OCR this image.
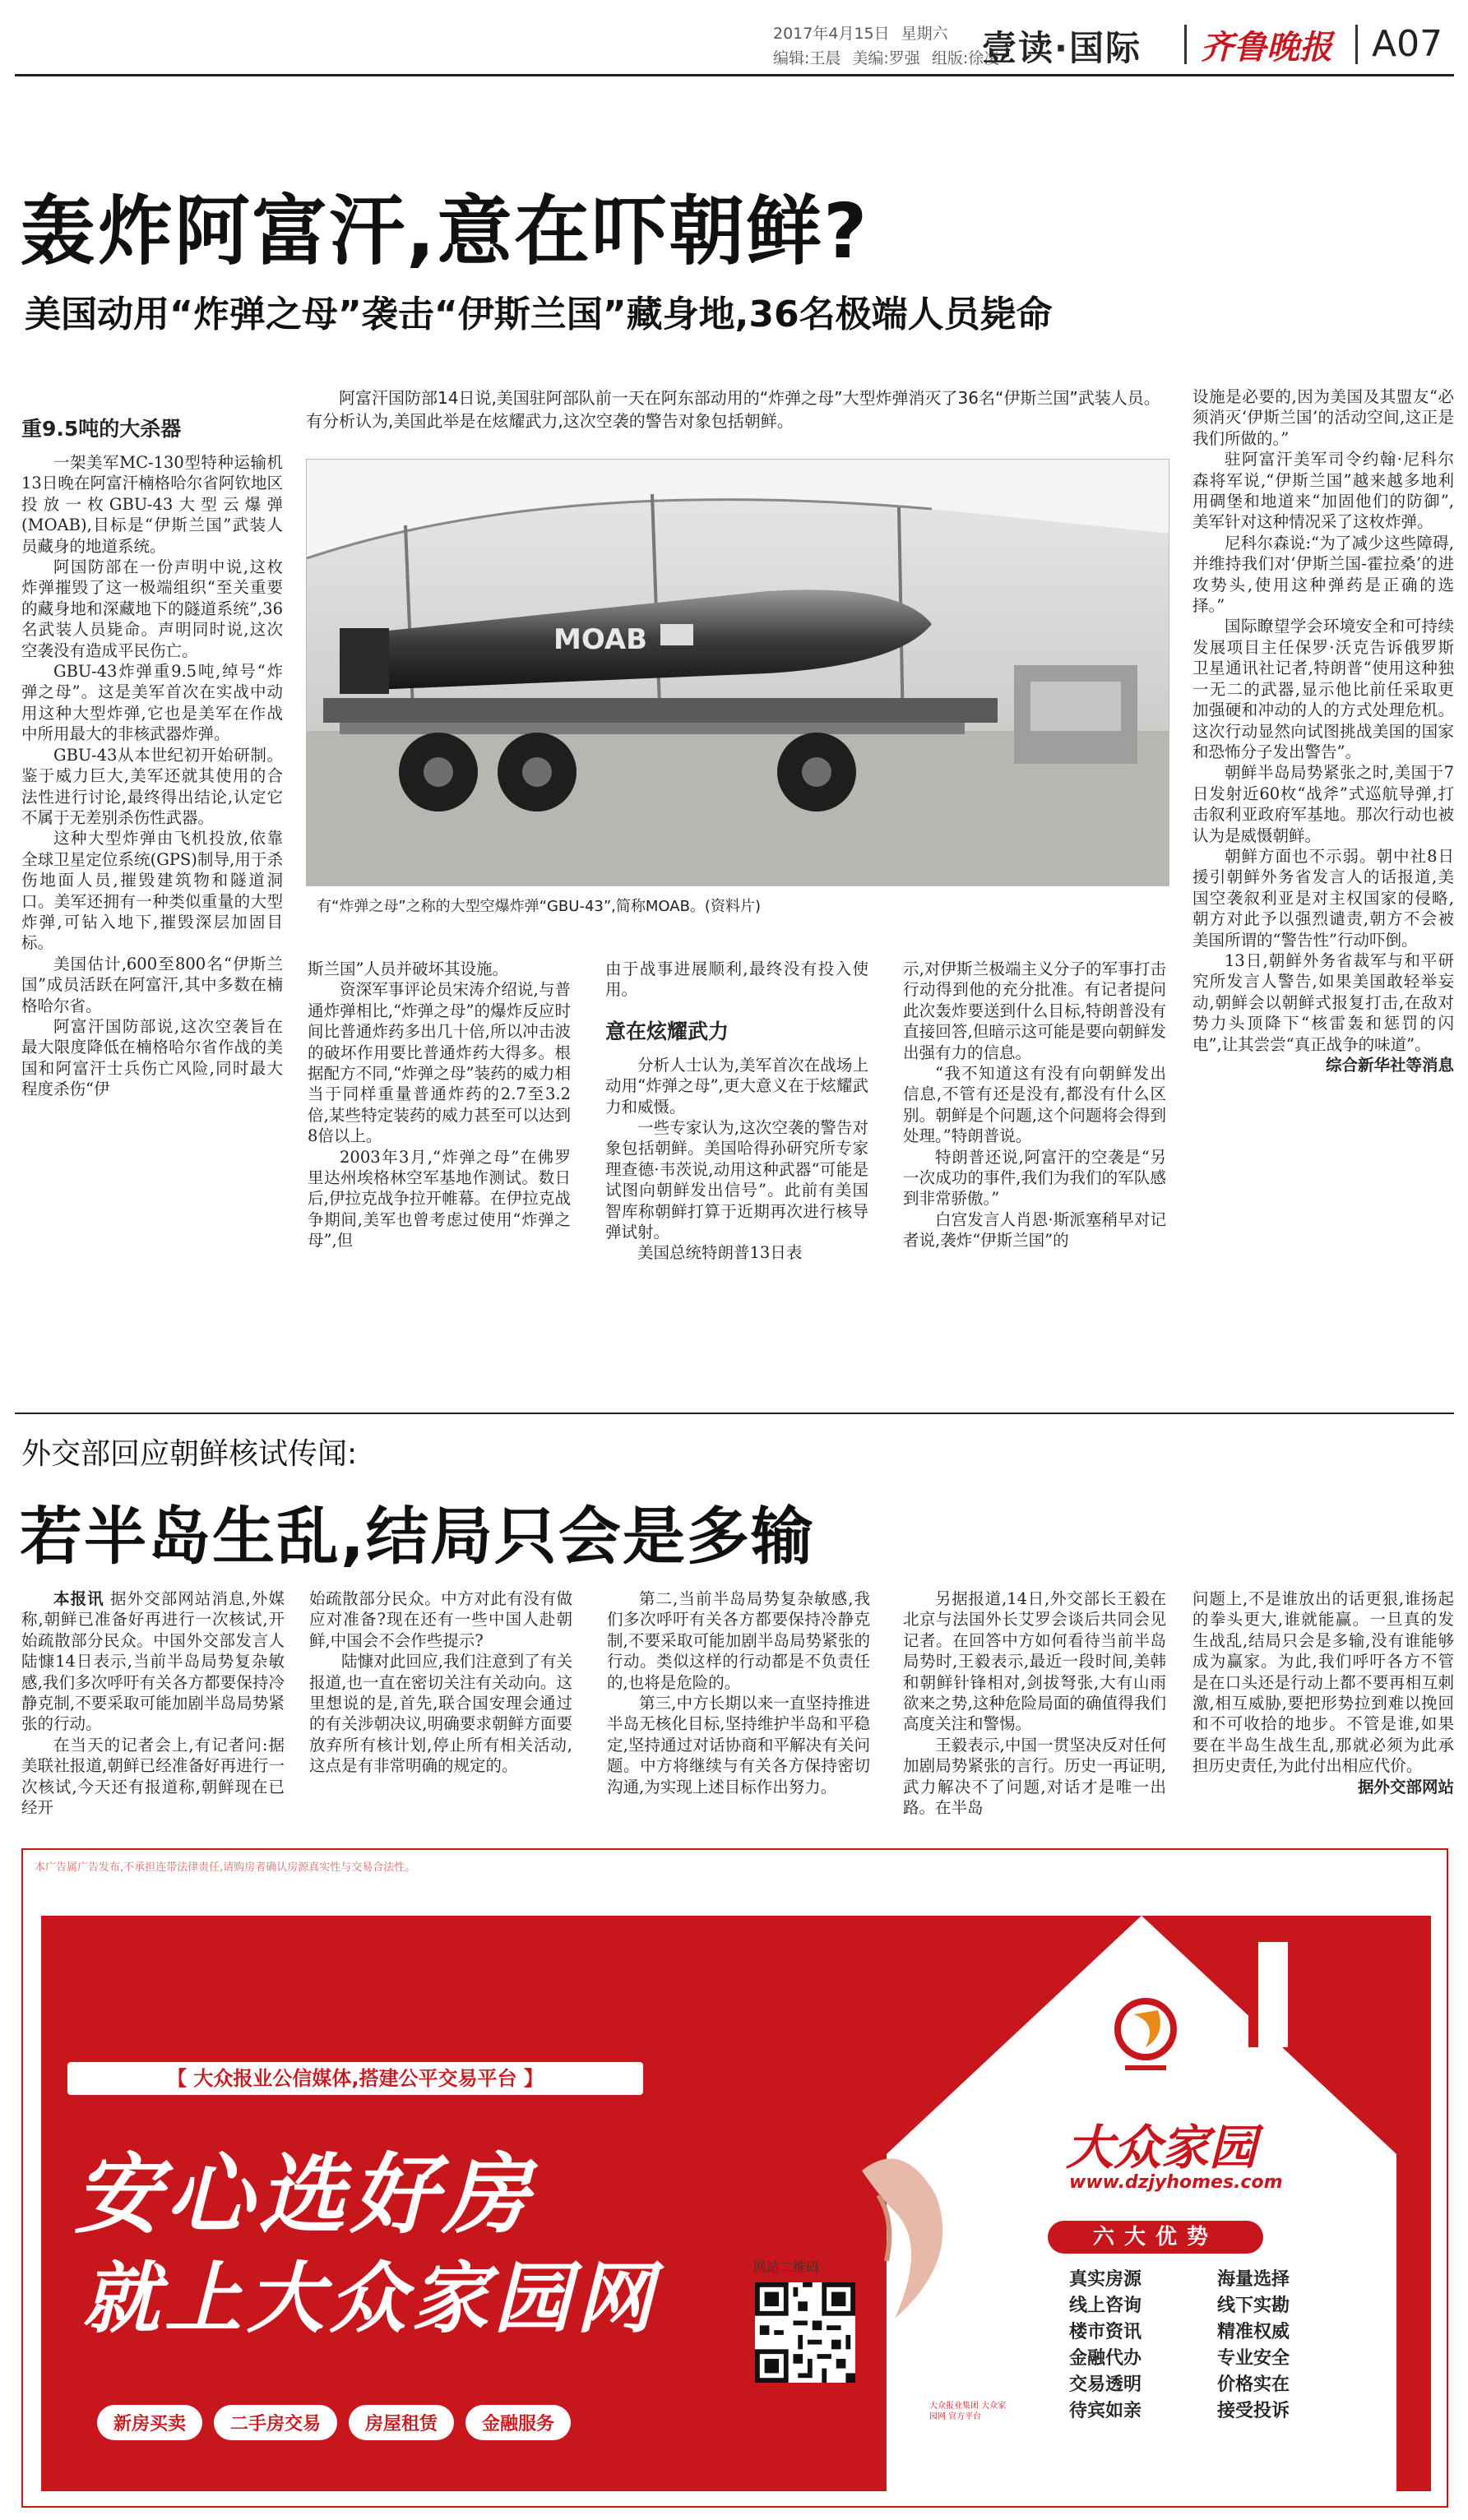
2017年4月15日 星期六
编辑:王晨 美编:罗强 组版:徐凌
壹读·国际 齐鲁晚报 A07
轰炸阿富汗,意在吓朝鲜?
美国动用“炸弹之母”袭击“伊斯兰国”藏身地,36名极端人员毙命
阿富汗国防部14日说,美国驻阿部队前一天在阿东部动用的“炸弹之母”大型炸弹消灭了36名“伊斯兰国”武装人员。有分析认为,美国此举是在炫耀武力,这次空袭的警告对象包括朝鲜。
MOAB
有“炸弹之母”之称的大型空爆炸弹“GBU-43”,简称MOAB。(资料片)
重9.5吨的大杀器

一架美军MC-130型特种运输机13日晚在阿富汗楠格哈尔省阿钦地区投放一枚GBU-43大型云爆弹(MOAB),目标是“伊斯兰国”武装人员藏身的地道系统。

阿国防部在一份声明中说,这枚炸弹摧毁了这一极端组织“至关重要的藏身地和深藏地下的隧道系统”,36名武装人员毙命。声明同时说,这次空袭没有造成平民伤亡。

GBU-43炸弹重9.5吨,绰号“炸弹之母”。这是美军首次在实战中动用这种大型炸弹,它也是美军在作战中所用最大的非核武器炸弹。

GBU-43从本世纪初开始研制。鉴于威力巨大,美军还就其使用的合法性进行讨论,最终得出结论,认定它不属于无差别杀伤性武器。

这种大型炸弹由飞机投放,依靠全球卫星定位系统(GPS)制导,用于杀伤地面人员,摧毁建筑物和隧道洞口。美军还拥有一种类似重量的大型炸弹,可钻入地下,摧毁深层加固目标。

美国估计,600至800名“伊斯兰国”成员活跃在阿富汗,其中多数在楠格哈尔省。

阿富汗国防部说,这次空袭旨在最大限度降低在楠格哈尔省作战的美国和阿富汗士兵伤亡风险,同时最大程度杀伤“伊

斯兰国”人员并破坏其设施。

资深军事评论员宋涛介绍说,与普通炸弹相比,“炸弹之母”的爆炸反应时间比普通炸药多出几十倍,所以冲击波的破坏作用要比普通炸药大得多。根据配方不同,“炸弹之母”装药的威力相当于同样重量普通炸药的2.7至3.2倍,某些特定装药的威力甚至可以达到8倍以上。

2003年3月,“炸弹之母”在佛罗里达州埃格林空军基地作测试。数日后,伊拉克战争拉开帷幕。在伊拉克战争期间,美军也曾考虑过使用“炸弹之母”,但

由于战事进展顺利,最终没有投入使用。

意在炫耀武力

分析人士认为,美军首次在战场上动用“炸弹之母”,更大意义在于炫耀武力和威慑。

一些专家认为,这次空袭的警告对象包括朝鲜。美国哈得孙研究所专家理查德·韦茨说,动用这种武器“可能是试图向朝鲜发出信号”。此前有美国智库称朝鲜打算于近期再次进行核导弹试射。

美国总统特朗普13日表

示,对伊斯兰极端主义分子的军事打击行动得到他的充分批准。有记者提问此次轰炸要送到什么目标,特朗普没有直接回答,但暗示这可能是要向朝鲜发出强有力的信息。

“我不知道这有没有向朝鲜发出信息,不管有还是没有,都没有什么区别。朝鲜是个问题,这个问题将会得到处理。”特朗普说。

特朗普还说,阿富汗的空袭是“另一次成功的事件,我们为我们的军队感到非常骄傲。”

白宫发言人肖恩·斯派塞稍早对记者说,袭炸“伊斯兰国”的

设施是必要的,因为美国及其盟友“必须消灭‘伊斯兰国’的活动空间,这正是我们所做的。”

驻阿富汗美军司令约翰·尼科尔森将军说,“伊斯兰国”越来越多地利用碉堡和地道来“加固他们的防御”,美军针对这种情况采了这枚炸弹。

尼科尔森说:“为了减少这些障碍,并维持我们对‘伊斯兰国-霍拉桑’的进攻势头,使用这种弹药是正确的选择。”

国际瞭望学会环境安全和可持续发展项目主任保罗·沃克告诉俄罗斯卫星通讯社记者,特朗普“使用这种独一无二的武器,显示他比前任采取更加强硬和冲动的人的方式处理危机。这次行动显然向试图挑战美国的国家和恐怖分子发出警告”。

朝鲜半岛局势紧张之时,美国于7日发射近60枚“战斧”式巡航导弹,打击叙利亚政府军基地。那次行动也被认为是威慑朝鲜。

朝鲜方面也不示弱。朝中社8日援引朝鲜外务省发言人的话报道,美国空袭叙利亚是对主权国家的侵略,朝方对此予以强烈谴责,朝方不会被美国所谓的“警告性”行动吓倒。

13日,朝鲜外务省裁军与和平研究所发言人警告,如果美国敢轻举妄动,朝鲜会以朝鲜式报复打击,在敌对势力头顶降下“核雷轰和惩罚的闪电”,让其尝尝“真正战争的味道”。

综合新华社等消息

外交部回应朝鲜核试传闻:
若半岛生乱,结局只会是多输

本报讯 据外交部网站消息,外媒称,朝鲜已准备好再进行一次核试,开始疏散部分民众。中国外交部发言人陆慷14日表示,当前半岛局势复杂敏感,我们多次呼吁有关各方都要保持冷静克制,不要采取可能加剧半岛局势紧张的行动。

在当天的记者会上,有记者问:据美联社报道,朝鲜已经准备好再进行一次核试,今天还有报道称,朝鲜现在已经开

始疏散部分民众。中方对此有没有做应对准备?现在还有一些中国人赴朝鲜,中国会不会作些提示?

陆慷对此回应,我们注意到了有关报道,也一直在密切关注有关动向。这里想说的是,首先,联合国安理会通过的有关涉朝决议,明确要求朝鲜方面要放弃所有核计划,停止所有相关活动,这点是有非常明确的规定的。

第二,当前半岛局势复杂敏感,我们多次呼吁有关各方都要保持冷静克制,不要采取可能加剧半岛局势紧张的行动。类似这样的行动都是不负责任的,也将是危险的。

第三,中方长期以来一直坚持推进半岛无核化目标,坚持维护半岛和平稳定,坚持通过对话协商和平解决有关问题。中方将继续与有关各方保持密切沟通,为实现上述目标作出努力。

另据报道,14日,外交部长王毅在北京与法国外长艾罗会谈后共同会见记者。在回答中方如何看待当前半岛局势时,王毅表示,最近一段时间,美韩和朝鲜针锋相对,剑拔弩张,大有山雨欲来之势,这种危险局面的确值得我们高度关注和警惕。

王毅表示,中国一贯坚决反对任何加剧局势紧张的言行。历史一再证明,武力解决不了问题,对话才是唯一出路。在半岛

问题上,不是谁放出的话更狠,谁扬起的拳头更大,谁就能赢。一旦真的发生战乱,结局只会是多输,没有谁能够成为赢家。为此,我们呼吁各方不管是在口头还是行动上都不要再相互刺激,相互威胁,要把形势拉到难以挽回和不可收拾的地步。不管是谁,如果要在半岛生战生乱,那就必须为此承担历史责任,为此付出相应代价。

据外交部网站

本广告属广告发布,不承担连带法律责任,请购房者确认房源真实性与交易合法性。
【 大众报业公信媒体,搭建公平交易平台 】
安心选好房
就上大众家园网
新房买卖	二手房交易	房屋租赁	金融服务
大众家园
www.dzjyhomes.com
六大优势
真实房源	海量选择
线上咨询	线下实勘
楼市资讯	精准权威
金融代办	专业安全
交易透明	价格实在
待宾如亲	接受投诉
网站二维码
大众报业集团 大众家园网 官方平台
